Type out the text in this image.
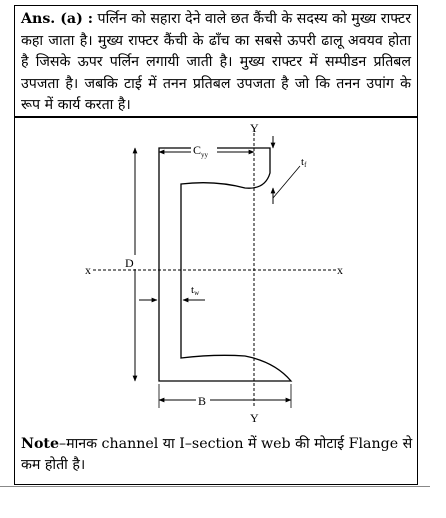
Ans. (a) : पर्लिन को सहारा देने वाले छत कैंची के सदस्य को मुख्य राफ्टर कहा जाता है। मुख्य राफ्टर कैंची के ढाँच का सबसे ऊपरी ढालू अवयव होता है जिसके ऊपर पर्लिन लगायी जाती है। मुख्य राफ्टर में सम्पीडन प्रतिबल उपजता है। जबकि टाई में तनन प्रतिबल उपजता है जो कि तनन उपांग के रूप में कार्य करता है।
Y
Y
x	x
D
B
$C_{yy}$
tf
tw
Note–मानक channel या I–section में web की मोटाई Flange से कम होती है।
